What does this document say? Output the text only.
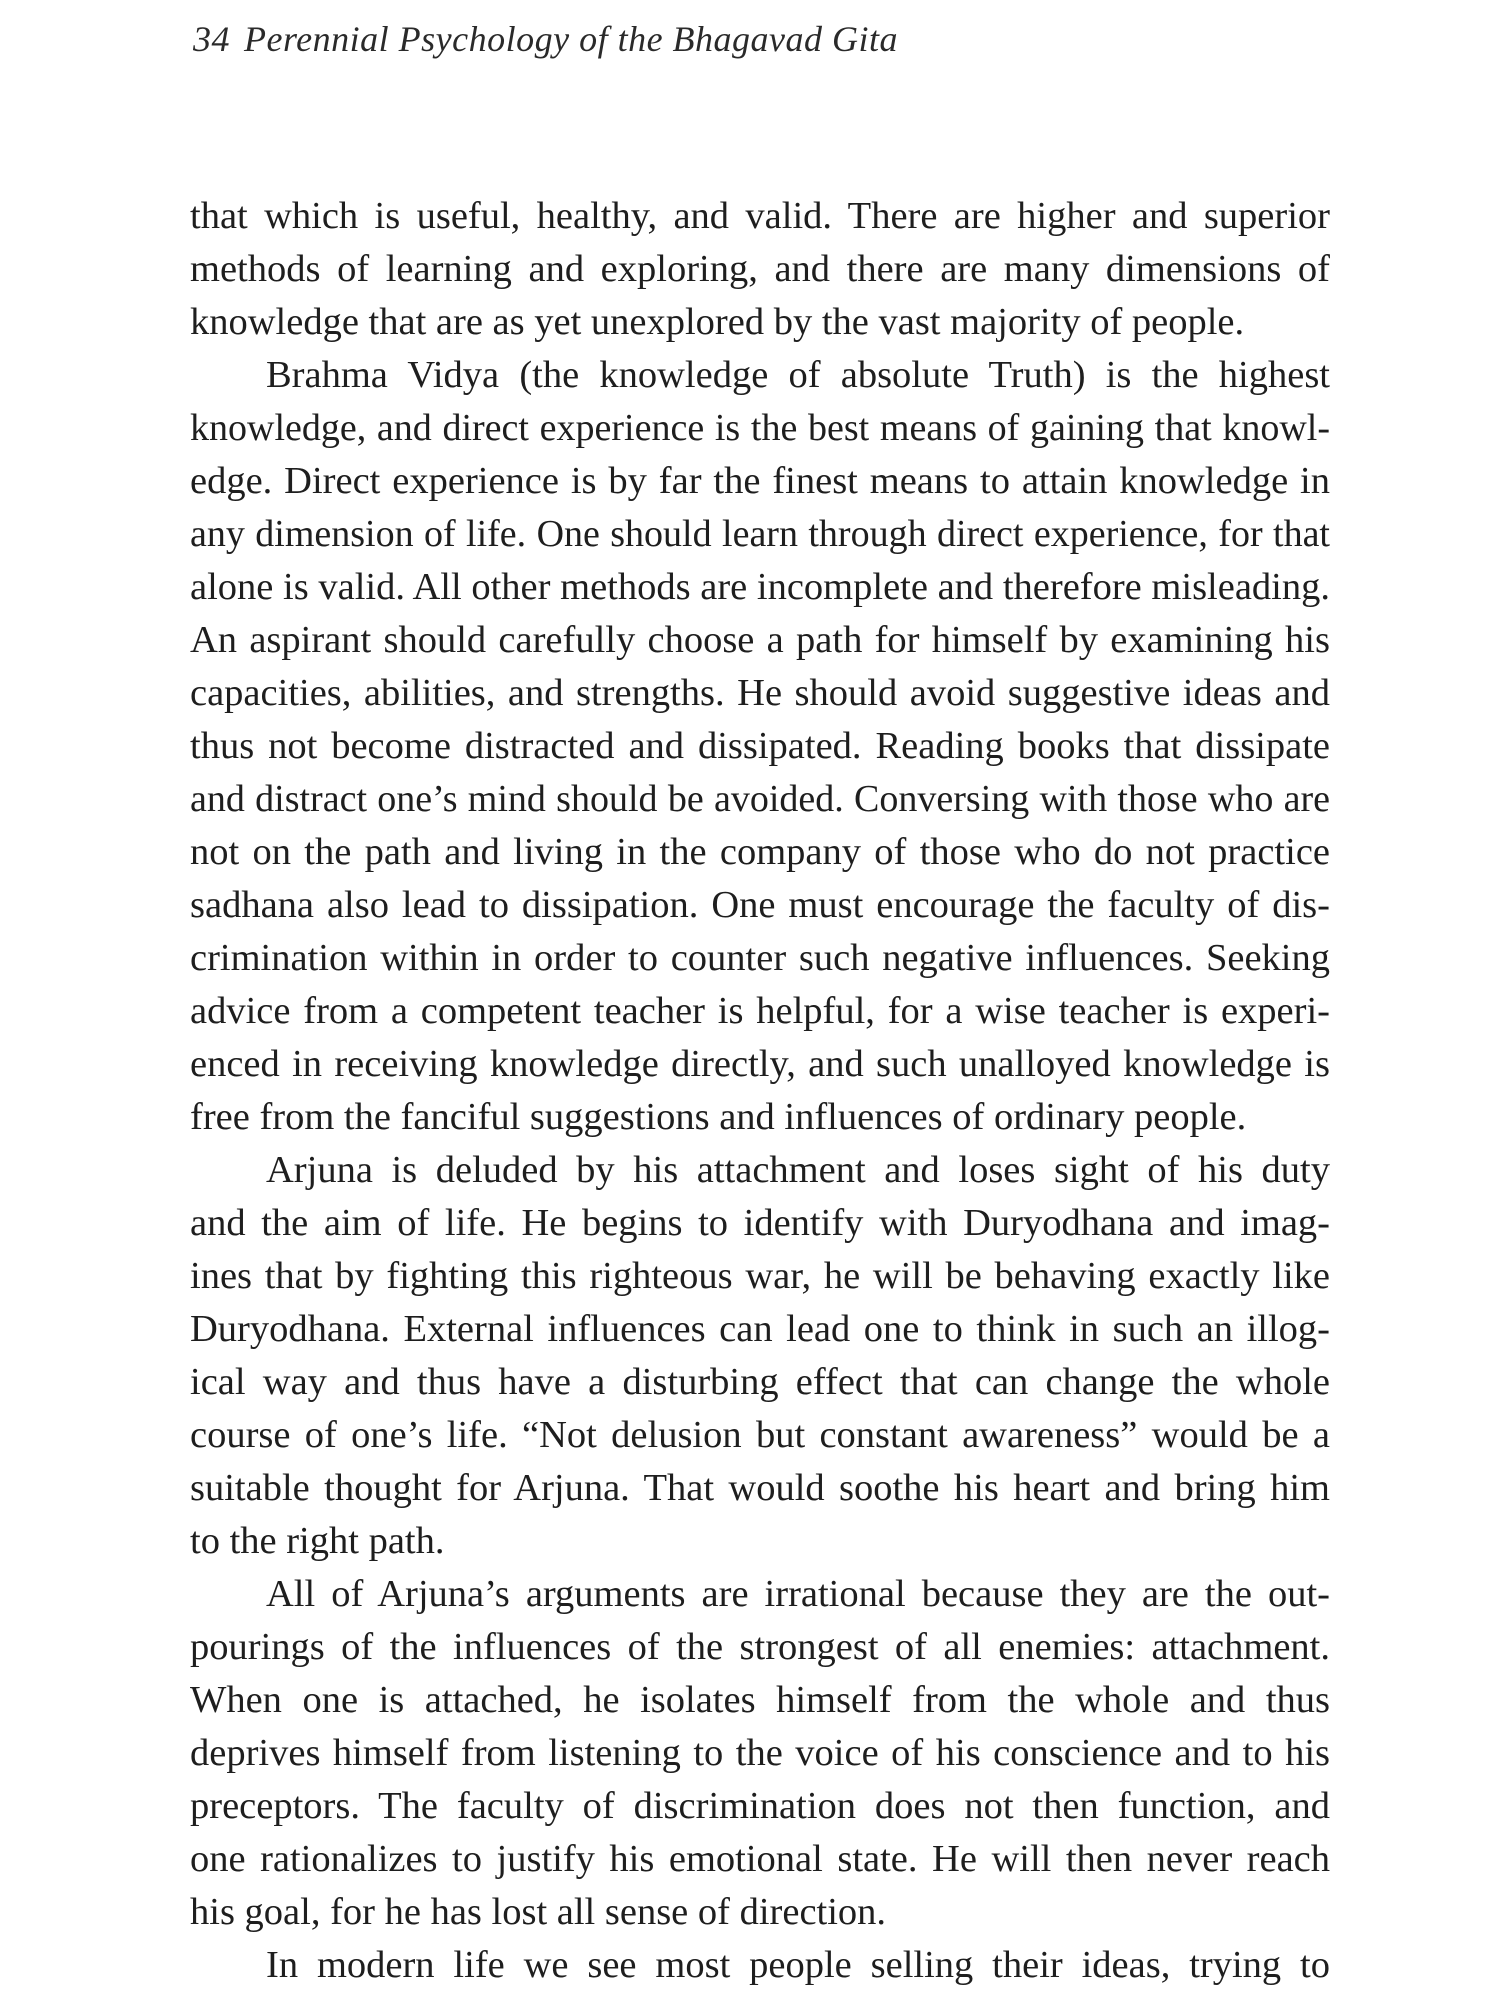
34 Perennial Psychology of the Bhagavad Gita
that which is useful, healthy, and valid. There are higher and superior
methods of learning and exploring, and there are many dimensions of
knowledge that are as yet unexplored by the vast majority of people.
Brahma Vidya (the knowledge of absolute Truth) is the highest
knowledge, and direct experience is the best means of gaining that knowl-
edge. Direct experience is by far the finest means to attain knowledge in
any dimension of life. One should learn through direct experience, for that
alone is valid. All other methods are incomplete and therefore misleading.
An aspirant should carefully choose a path for himself by examining his
capacities, abilities, and strengths. He should avoid suggestive ideas and
thus not become distracted and dissipated. Reading books that dissipate
and distract one’s mind should be avoided. Conversing with those who are
not on the path and living in the company of those who do not practice
sadhana also lead to dissipation. One must encourage the faculty of dis-
crimination within in order to counter such negative influences. Seeking
advice from a competent teacher is helpful, for a wise teacher is experi-
enced in receiving knowledge directly, and such unalloyed knowledge is
free from the fanciful suggestions and influences of ordinary people.
Arjuna is deluded by his attachment and loses sight of his duty
and the aim of life. He begins to identify with Duryodhana and imag-
ines that by fighting this righteous war, he will be behaving exactly like
Duryodhana. External influences can lead one to think in such an illog-
ical way and thus have a disturbing effect that can change the whole
course of one’s life. “Not delusion but constant awareness” would be a
suitable thought for Arjuna. That would soothe his heart and bring him
to the right path.
All of Arjuna’s arguments are irrational because they are the out-
pourings of the influences of the strongest of all enemies: attachment.
When one is attached, he isolates himself from the whole and thus
deprives himself from listening to the voice of his conscience and to his
preceptors. The faculty of discrimination does not then function, and
one rationalizes to justify his emotional state. He will then never reach
his goal, for he has lost all sense of direction.
In modern life we see most people selling their ideas, trying to
